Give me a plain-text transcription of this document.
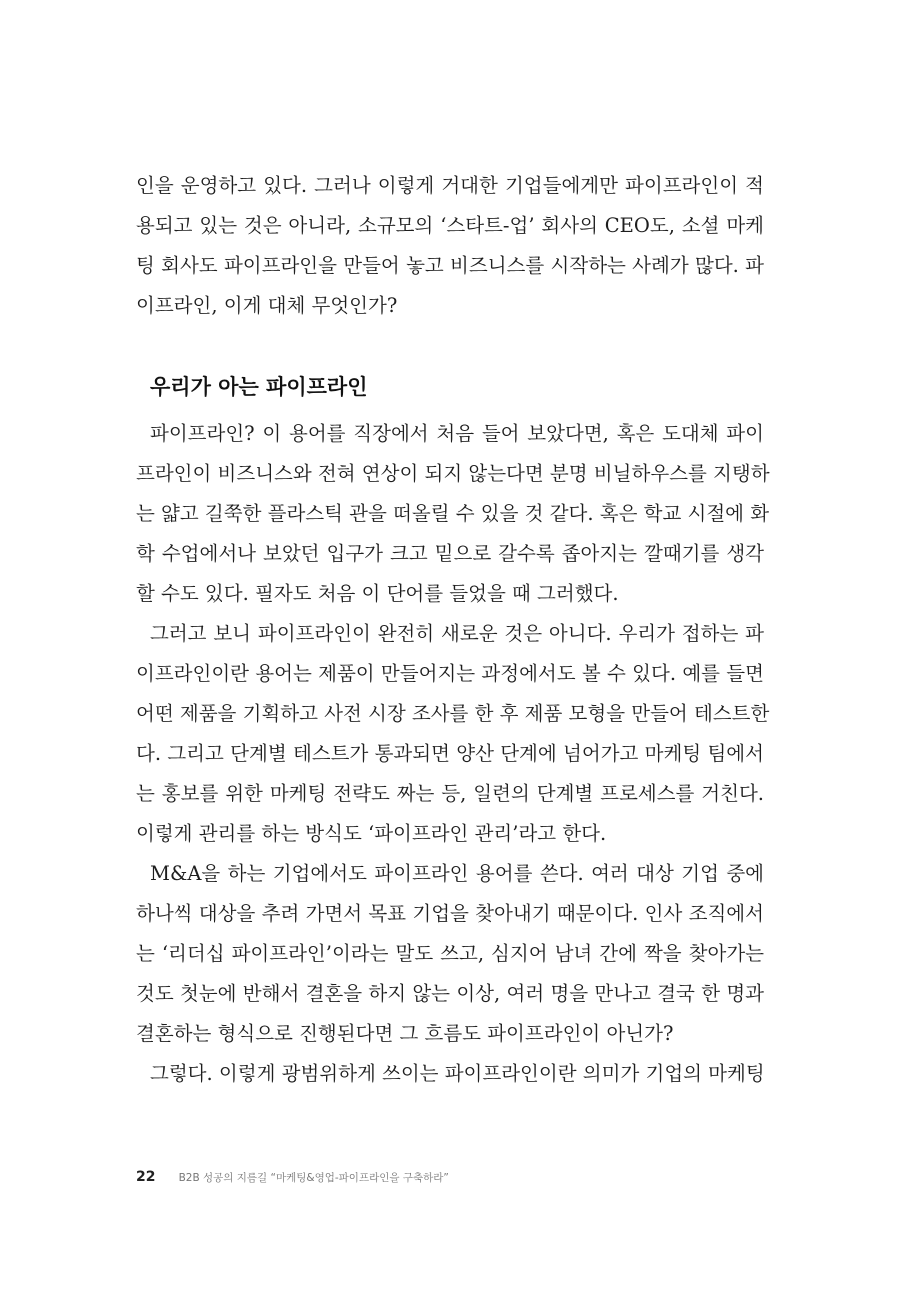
인을 운영하고 있다. 그러나 이렇게 거대한 기업들에게만 파이프라인이 적
용되고 있는 것은 아니라, 소규모의 ‘스타트-업’ 회사의 CEO도, 소셜 마케
팅 회사도 파이프라인을 만들어 놓고 비즈니스를 시작하는 사례가 많다. 파
이프라인, 이게 대체 무엇인가?
우리가 아는 파이프라인
파이프라인? 이 용어를 직장에서 처음 들어 보았다면, 혹은 도대체 파이
프라인이 비즈니스와 전혀 연상이 되지 않는다면 분명 비닐하우스를 지탱하
는 얇고 길쭉한 플라스틱 관을 떠올릴 수 있을 것 같다. 혹은 학교 시절에 화
학 수업에서나 보았던 입구가 크고 밑으로 갈수록 좁아지는 깔때기를 생각
할 수도 있다. 필자도 처음 이 단어를 들었을 때 그러했다.
그러고 보니 파이프라인이 완전히 새로운 것은 아니다. 우리가 접하는 파
이프라인이란 용어는 제품이 만들어지는 과정에서도 볼 수 있다. 예를 들면
어떤 제품을 기획하고 사전 시장 조사를 한 후 제품 모형을 만들어 테스트한
다. 그리고 단계별 테스트가 통과되면 양산 단계에 넘어가고 마케팅 팀에서
는 홍보를 위한 마케팅 전략도 짜는 등, 일련의 단계별 프로세스를 거친다.
이렇게 관리를 하는 방식도 ‘파이프라인 관리’라고 한다.
M&A을 하는 기업에서도 파이프라인 용어를 쓴다. 여러 대상 기업 중에
하나씩 대상을 추려 가면서 목표 기업을 찾아내기 때문이다. 인사 조직에서
는 ‘리더십 파이프라인’이라는 말도 쓰고, 심지어 남녀 간에 짝을 찾아가는
것도 첫눈에 반해서 결혼을 하지 않는 이상, 여러 명을 만나고 결국 한 명과
결혼하는 형식으로 진행된다면 그 흐름도 파이프라인이 아닌가?
그렇다. 이렇게 광범위하게 쓰이는 파이프라인이란 의미가 기업의 마케팅
22 B2B 성공의 지름길 “마케팅&영업-파이프라인을 구축하라”
